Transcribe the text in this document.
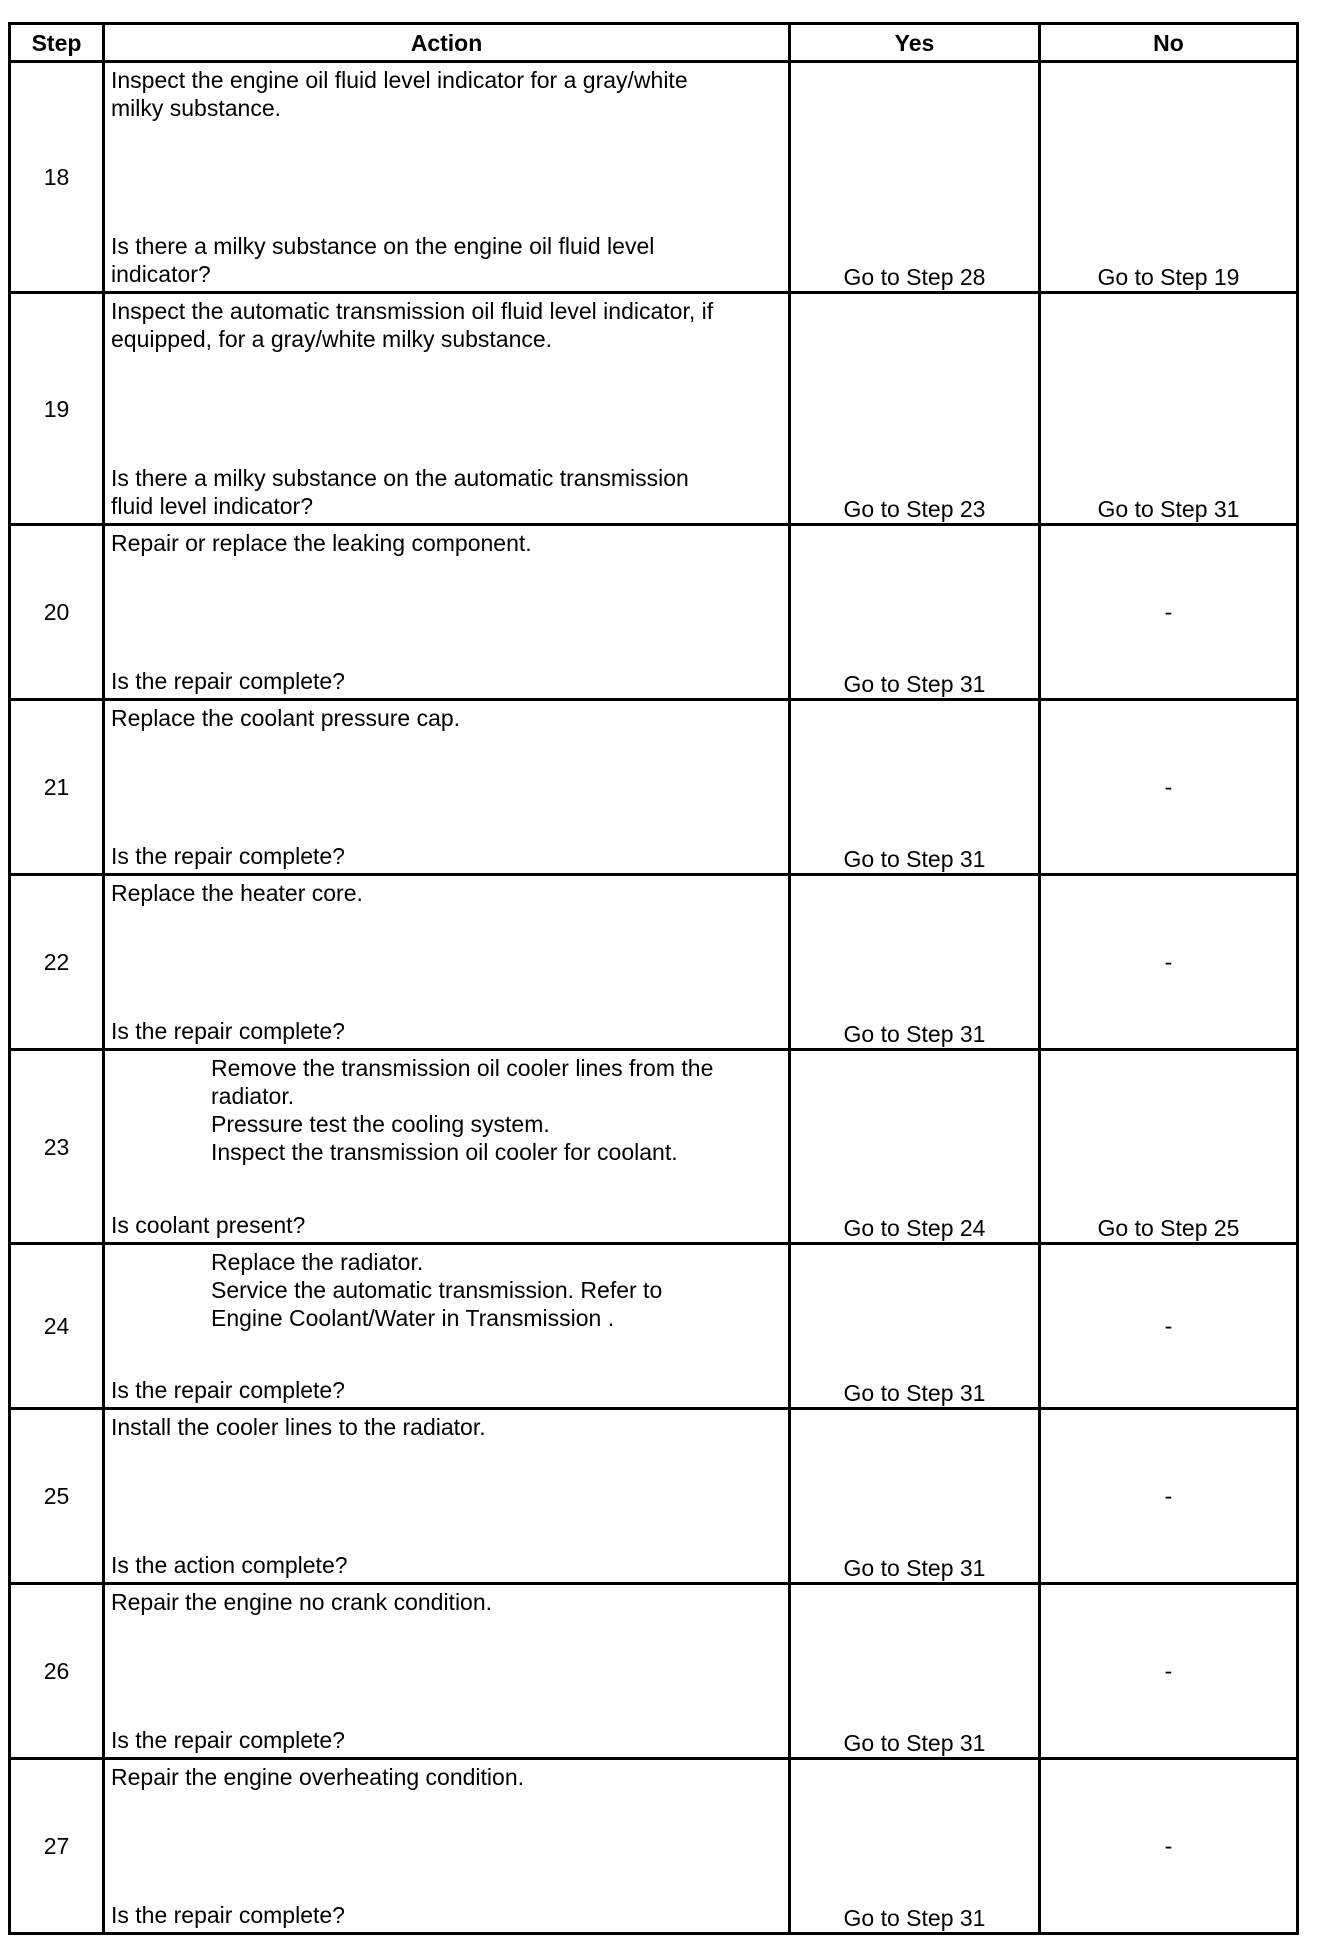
Step	Action	Yes	No
18	Inspect the engine oil fluid level indicator for a gray/white
milky substance.
Is there a milky substance on the engine oil fluid level
indicator?	Go to Step 28	Go to Step 19
19	Inspect the automatic transmission oil fluid level indicator, if
equipped, for a gray/white milky substance.
Is there a milky substance on the automatic transmission
fluid level indicator?	Go to Step 23	Go to Step 31
20	Repair or replace the leaking component.
Is the repair complete?	Go to Step 31	-
21	Replace the coolant pressure cap.
Is the repair complete?	Go to Step 31	-
22	Replace the heater core.
Is the repair complete?	Go to Step 31	-
23	Remove the transmission oil cooler lines from the
radiator.
Pressure test the cooling system.
Inspect the transmission oil cooler for coolant.
Is coolant present?	Go to Step 24	Go to Step 25
24	Replace the radiator.
Service the automatic transmission. Refer to
Engine Coolant/Water in Transmission .
Is the repair complete?	Go to Step 31	-
25	Install the cooler lines to the radiator.
Is the action complete?	Go to Step 31	-
26	Repair the engine no crank condition.
Is the repair complete?	Go to Step 31	-
27	Repair the engine overheating condition.
Is the repair complete?	Go to Step 31	-
